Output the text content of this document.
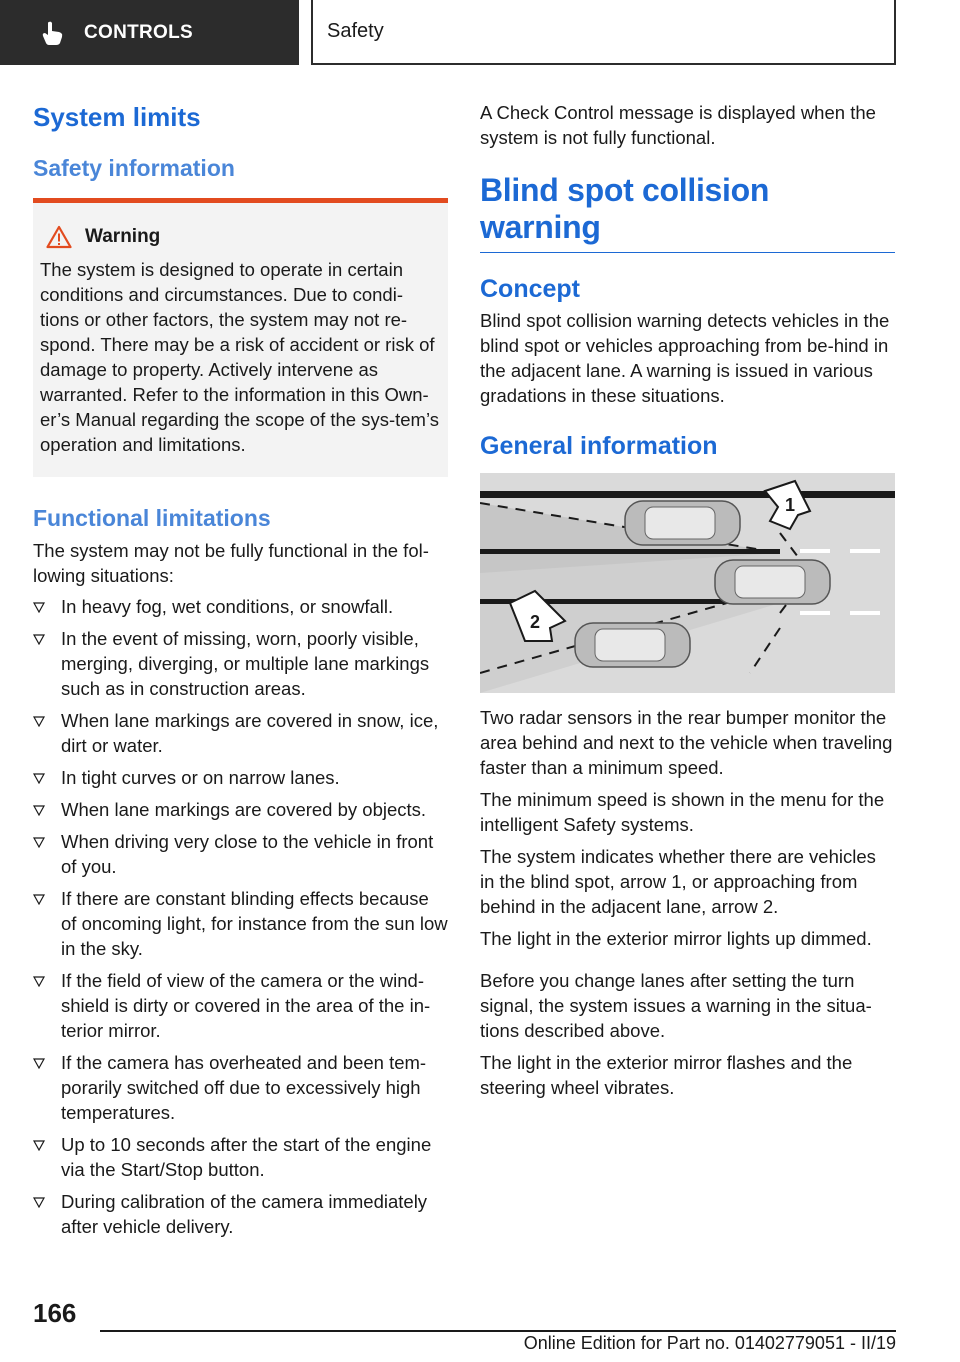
CONTROLS	Safety
System limits
Safety information
Warning

The system is designed to operate in certain conditions and circumstances. Due to condi-tions or other factors, the system may not re-spond. There may be a risk of accident or risk of damage to property. Actively intervene as warranted. Refer to the information in this Own-er’s Manual regarding the scope of the sys-tem’s operation and limitations.

Functional limitations

The system may not be fully functional in the fol-lowing situations:

In heavy fog, wet conditions, or snowfall.
In the event of missing, worn, poorly visible, merging, diverging, or multiple lane markings such as in construction areas.
When lane markings are covered in snow, ice, dirt or water.
In tight curves or on narrow lanes.
When lane markings are covered by objects.
When driving very close to the vehicle in front of you.
If there are constant blinding effects because of oncoming light, for instance from the sun low in the sky.
If the field of view of the camera or the wind-shield is dirty or covered in the area of the in-terior mirror.
If the camera has overheated and been tem-porarily switched off due to excessively high temperatures.
Up to 10 seconds after the start of the engine via the Start/Stop button.
During calibration of the camera immediately after vehicle delivery.

A Check Control message is displayed when the system is not fully functional.

Blind spot collision warning
Concept

Blind spot collision warning detects vehicles in the blind spot or vehicles approaching from be-hind in the adjacent lane. A warning is issued in various gradations in these situations.

General information
1
2

Two radar sensors in the rear bumper monitor the area behind and next to the vehicle when traveling faster than a minimum speed.

The minimum speed is shown in the menu for the intelligent Safety systems.

The system indicates whether there are vehicles in the blind spot, arrow 1, or approaching from behind in the adjacent lane, arrow 2.

The light in the exterior mirror lights up dimmed.

Before you change lanes after setting the turn signal, the system issues a warning in the situa-tions described above.

The light in the exterior mirror flashes and the steering wheel vibrates.

166
Online Edition for Part no. 01402779051 - II/19
